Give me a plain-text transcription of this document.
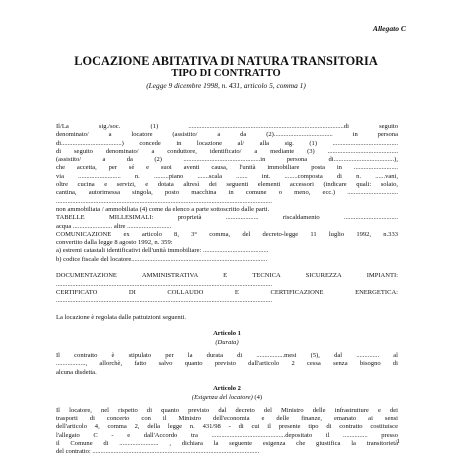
Allegato C
LOCAZIONE ABITATIVA DI NATURA TRANSITORIA
TIPO DI CONTRATTO
(Legge 9 dicembre 1998, n. 431, articolo 5, comma 1)
Il/La sig./soc. (1) ...............................................................................................di seguito
denominato/ a locatore (assistito/ a da (2).................................... in persona
di.....................................) concede in locazione al/ alla sig. (1) ........................................
di seguito denominato/ a conduttore, identificato/ a mediante (3) ...........................................
(assistito/ a da (2) ...............................................in persona di.....................................),
che accetta, per sé e suoi aventi causa, l'unità immobiliare posta in ...........................
via .......................... n. .........piano .......scala ....... int. ........composta di n. ......vani,
oltre cucina e servizi, e dotata altresì dei seguenti elementi accessori (indicare quali: solaio,
cantina, autorimessa singola, posto macchina in comune o meno, ecc.) ...............................
....................................................................................................................................
non ammobiliata / ammobiliata (4) come da elenco a parte sottoscritto dalle parti.
TABELLE MILLESIMALI: proprietà .................... riscaldamento .................................
acqua ........................ altre ...........................
COMUNICAZIONE ex articolo 8, 3° comma, del decreto-legge 11 luglio 1992, n.333
convertito dalla legge 8 agosto 1992, n. 359:
a) estremi catastali identificativi dell'unità immobiliare: ........................................
b) codice fiscale del locatore...................................................................................
DOCUMENTAZIONE AMMINISTRATIVA E TECNICA SICUREZZA IMPIANTI:
....................................................................................................................................
CERTIFICATO DI COLLAUDO E CERTIFICAZIONE ENERGETICA:
....................................................................................................................................
La locazione è regolata dalle pattuizioni seguenti.
Articolo 1
(Durata)
Il contratto è stipulato per la durata di .................mesi (5), dal .............. al
.................., allorchè, fatto salvo quanto previsto dall'articolo 2 cessa senza bisogno di
alcuna disdetta.
Articolo 2
(Esigenza del locatore) (4)
Il locatore, nel rispetto di quanto previsto dal decreto del Ministro delle infrastrutture e dei
trasporti di concerto con il Ministro dell'economia e delle finanze, emanato ai sensi
dell'articolo 4, comma 2, della legge n. 431/98 - di cui il presente tipo di contratto costituisce
l'allegato C - e dall'Accordo tra .............................................depositato il ............... presso
il Comune di ........................ , dichiara la seguente esigenza che giustifica la transitorietà
del contratto: ......................................................................................................
1
